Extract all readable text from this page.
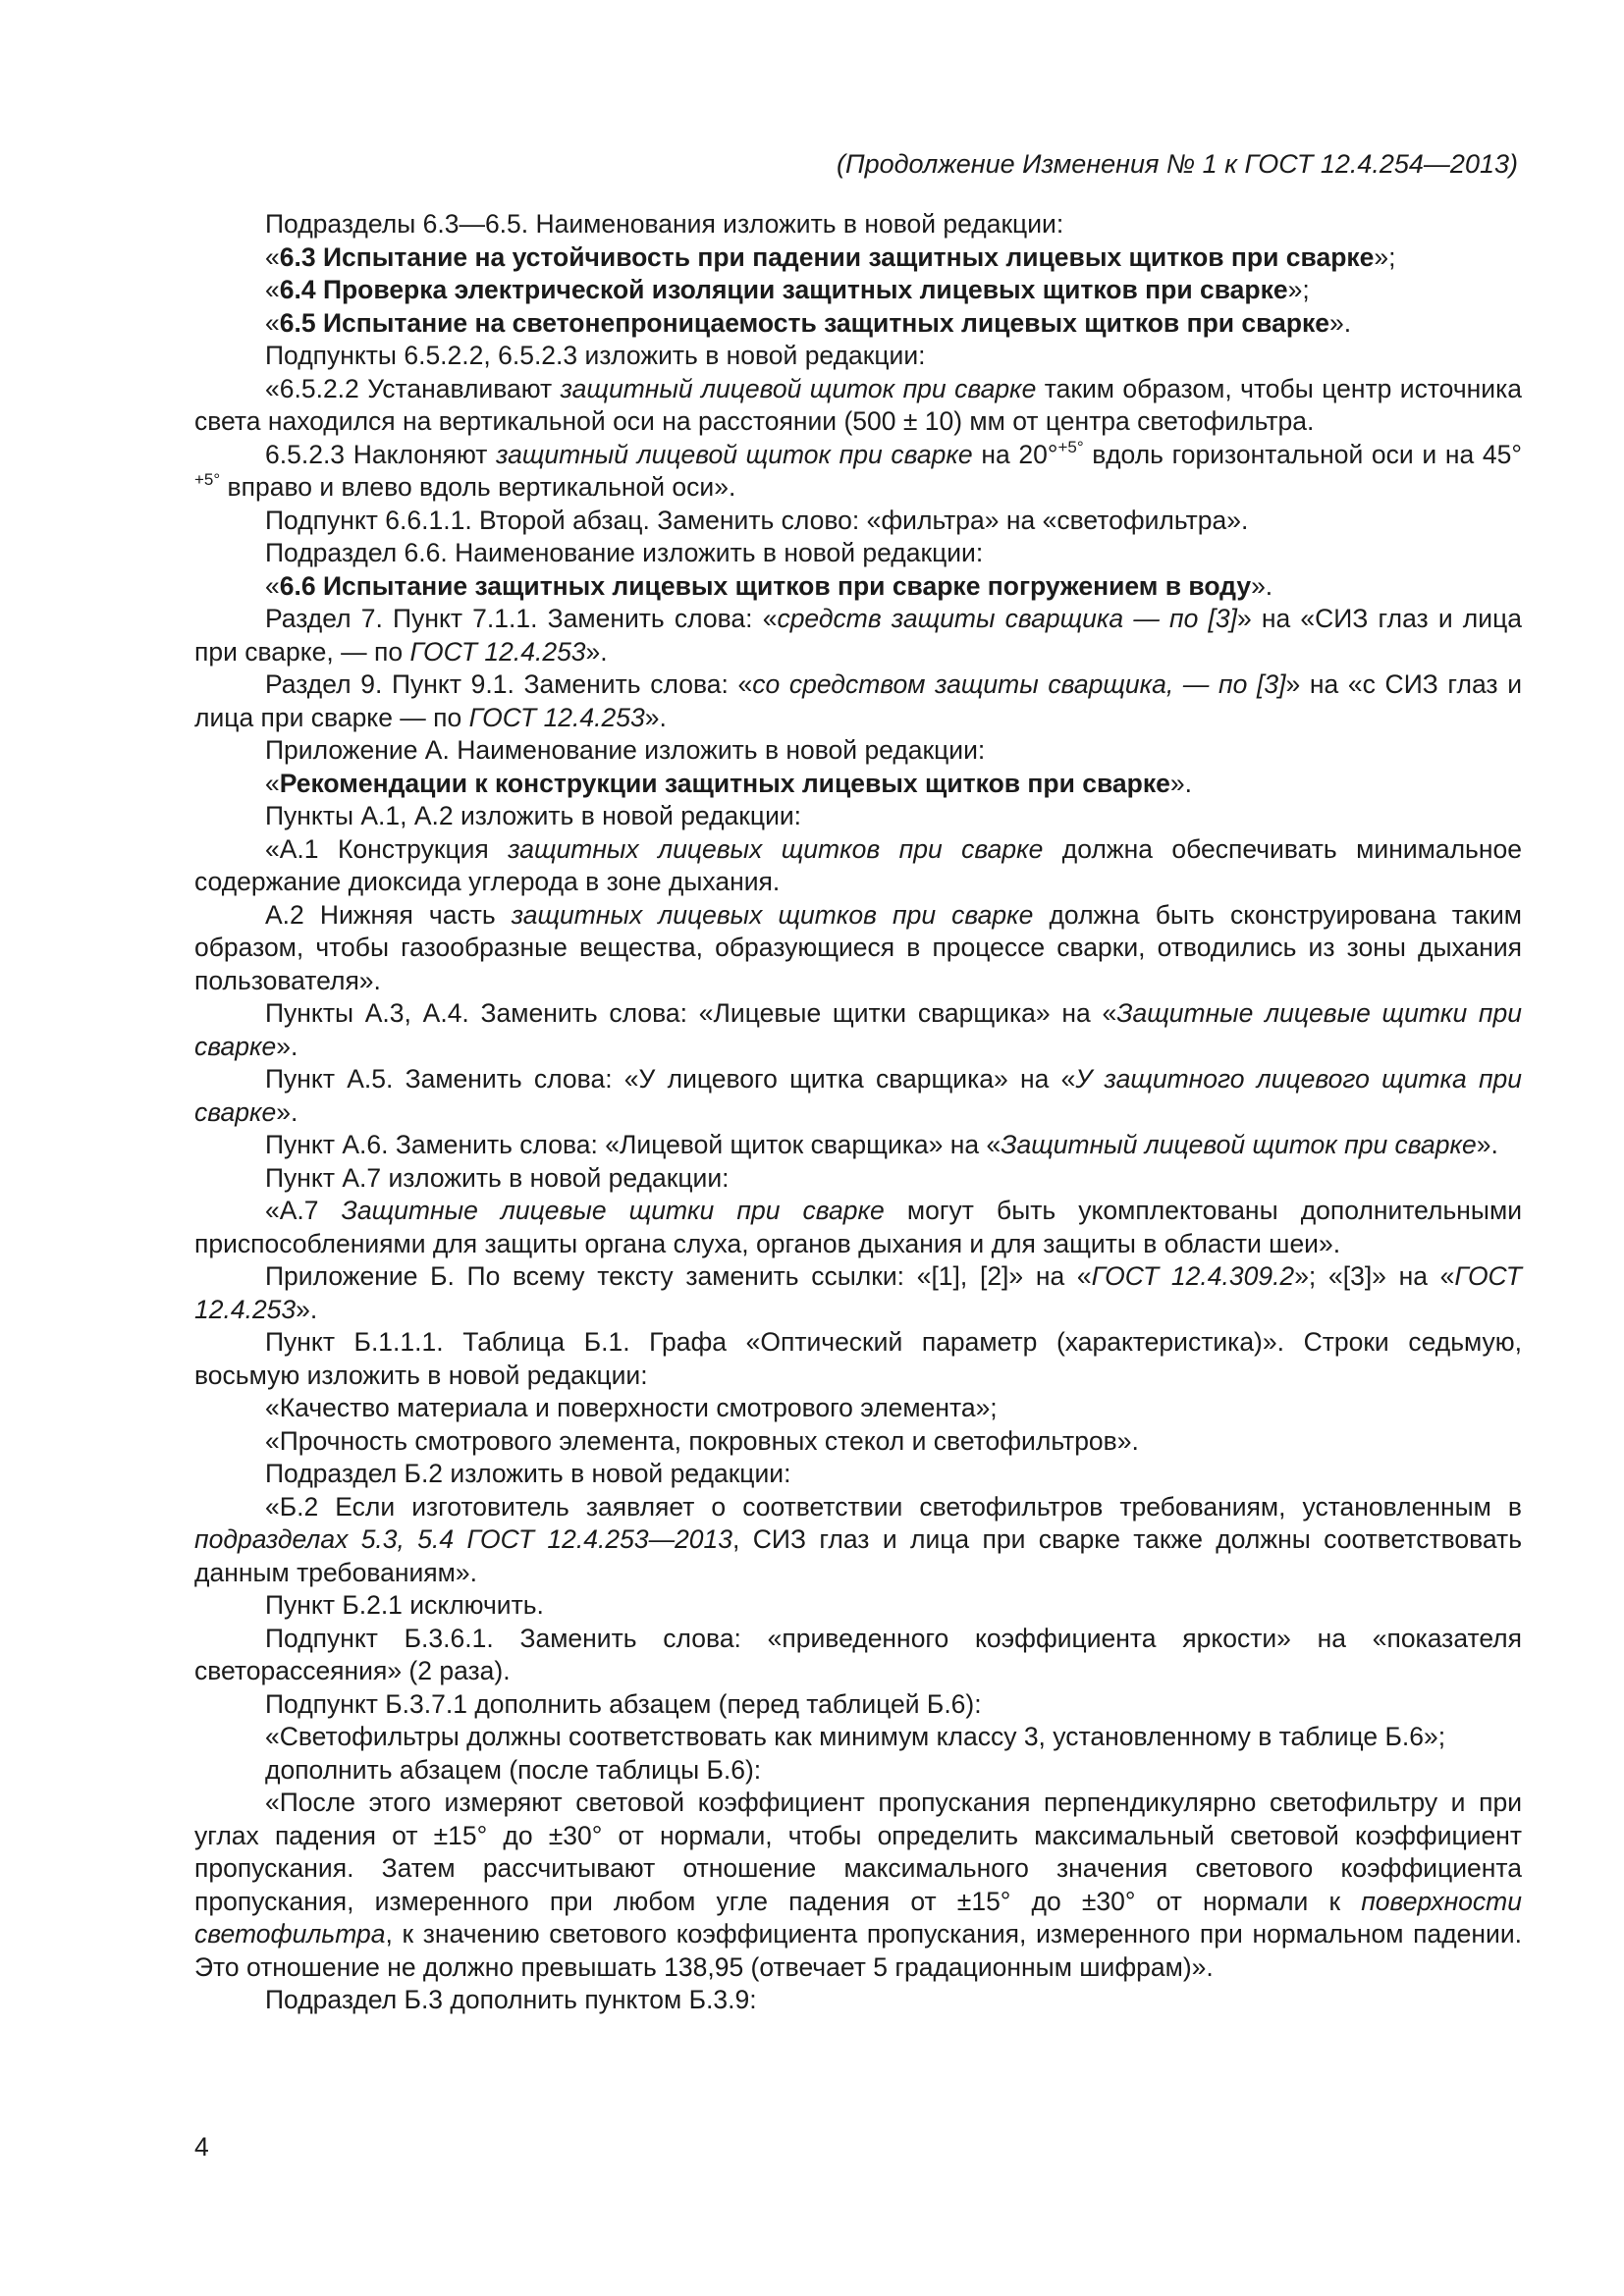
(Продолжение Изменения № 1 к ГОСТ 12.4.254—2013)

Подразделы 6.3—6.5. Наименования изложить в новой редакции:

«6.3 Испытание на устойчивость при падении защитных лицевых щитков при сварке»;

«6.4 Проверка электрической изоляции защитных лицевых щитков при сварке»;

«6.5 Испытание на светонепроницаемость защитных лицевых щитков при сварке».

Подпункты 6.5.2.2, 6.5.2.3 изложить в новой редакции:

«6.5.2.2 Устанавливают защитный лицевой щиток при сварке таким образом, чтобы центр источника света находился на вертикальной оси на расстоянии (500 ± 10) мм от центра светофильтра.

6.5.2.3 Наклоняют защитный лицевой щиток при сварке на 20°$^{+5^\circ}$ вдоль горизонтальной оси и на 45°$^{+5^\circ}$ вправо и влево вдоль вертикальной оси».

Подпункт 6.6.1.1. Второй абзац. Заменить слово: «фильтра» на «светофильтра».

Подраздел 6.6. Наименование изложить в новой редакции:

«6.6 Испытание защитных лицевых щитков при сварке погружением в воду».

Раздел 7. Пункт 7.1.1. Заменить слова: «средств защиты сварщика — по [3]» на «СИЗ глаз и лица при сварке, — по ГОСТ 12.4.253».

Раздел 9. Пункт 9.1. Заменить слова: «со средством защиты сварщика, — по [3]» на «с СИЗ глаз и лица при сварке — по ГОСТ 12.4.253».

Приложение А. Наименование изложить в новой редакции:

«Рекомендации к конструкции защитных лицевых щитков при сварке».

Пункты А.1, А.2 изложить в новой редакции:

«А.1 Конструкция защитных лицевых щитков при сварке должна обеспечивать минимальное содержание диоксида углерода в зоне дыхания.

А.2 Нижняя часть защитных лицевых щитков при сварке должна быть сконструирована таким образом, чтобы газообразные вещества, образующиеся в процессе сварки, отводились из зоны дыхания пользователя».

Пункты А.3, А.4. Заменить слова: «Лицевые щитки сварщика» на «Защитные лицевые щитки при сварке».

Пункт А.5. Заменить слова: «У лицевого щитка сварщика» на «У защитного лицевого щитка при сварке».

Пункт А.6. Заменить слова: «Лицевой щиток сварщика» на «Защитный лицевой щиток при сварке».

Пункт А.7 изложить в новой редакции:

«А.7 Защитные лицевые щитки при сварке могут быть укомплектованы дополнительными приспособлениями для защиты органа слуха, органов дыхания и для защиты в области шеи».

Приложение Б. По всему тексту заменить ссылки: «[1], [2]» на «ГОСТ 12.4.309.2»; «[3]» на «ГОСТ 12.4.253».

Пункт Б.1.1.1. Таблица Б.1. Графа «Оптический параметр (характеристика)». Строки седьмую, восьмую изложить в новой редакции:

«Качество материала и поверхности смотрового элемента»;

«Прочность смотрового элемента, покровных стекол и светофильтров».

Подраздел Б.2 изложить в новой редакции:

«Б.2 Если изготовитель заявляет о соответствии светофильтров требованиям, установленным в подразделах 5.3, 5.4 ГОСТ 12.4.253—2013, СИЗ глаз и лица при сварке также должны соответствовать данным требованиям».

Пункт Б.2.1 исключить.

Подпункт Б.3.6.1. Заменить слова: «приведенного коэффициента яркости» на «показателя светорассеяния» (2 раза).

Подпункт Б.3.7.1 дополнить абзацем (перед таблицей Б.6):

«Светофильтры должны соответствовать как минимум классу 3, установленному в таблице Б.6»;

дополнить абзацем (после таблицы Б.6):

«После этого измеряют световой коэффициент пропускания перпендикулярно светофильтру и при углах падения от ±15° до ±30° от нормали, чтобы определить максимальный световой коэффициент пропускания. Затем рассчитывают отношение максимального значения светового коэффициента пропускания, измеренного при любом угле падения от ±15° до ±30° от нормали к поверхности светофильтра, к значению светового коэффициента пропускания, измеренного при нормальном падении. Это отношение не должно превышать 138,95 (отвечает 5 градационным шифрам)».

Подраздел Б.3 дополнить пунктом Б.3.9:

4
